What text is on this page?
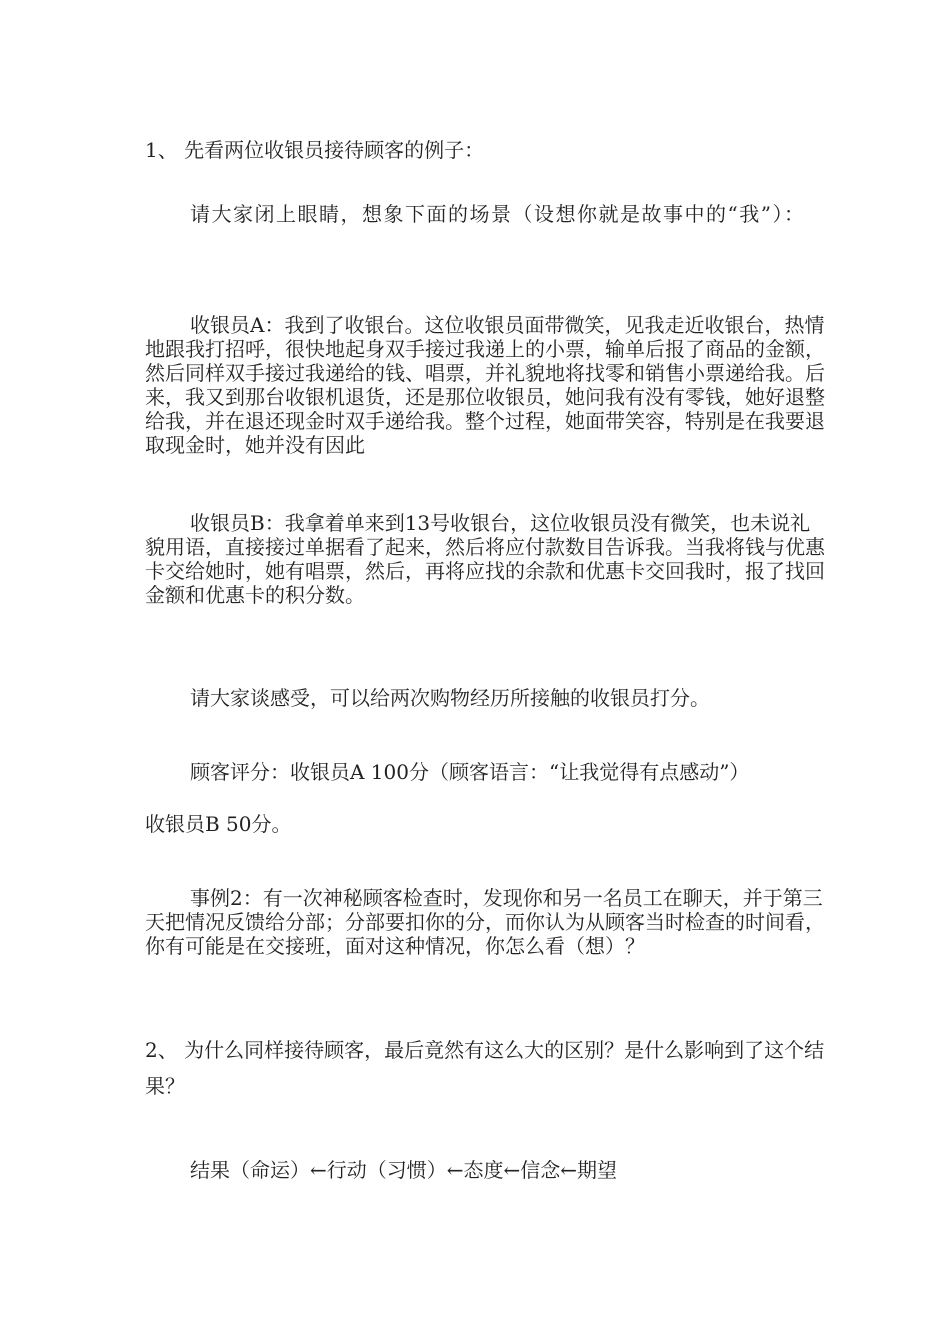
1、 先看两位收银员接待顾客的例子：

请大家闭上眼睛，想象下面的场景（设想你就是故事中的“我”）：

收银员A：我到了收银台。这位收银员面带微笑，见我走近收银台，热情地跟我打招呼，很快地起身双手接过我递上的小票，输单后报了商品的金额，然后同样双手接过我递给的钱、唱票，并礼貌地将找零和销售小票递给我。后来，我又到那台收银机退货，还是那位收银员，她问我有没有零钱，她好退整给我，并在退还现金时双手递给我。整个过程，她面带笑容，特别是在我要退取现金时，她并没有因此

收银员B：我拿着单来到13号收银台，这位收银员没有微笑，也未说礼貌用语，直接接过单据看了起来，然后将应付款数目告诉我。当我将钱与优惠卡交给她时，她有唱票，然后，再将应找的余款和优惠卡交回我时，报了找回金额和优惠卡的积分数。

请大家谈感受，可以给两次购物经历所接触的收银员打分。

顾客评分：收银员A 100分（顾客语言：“让我觉得有点感动”）

收银员B 50分。

事例2：有一次神秘顾客检查时，发现你和另一名员工在聊天，并于第三天把情况反馈给分部；分部要扣你的分，而你认为从顾客当时检查的时间看，你有可能是在交接班，面对这种情况，你怎么看（想）？

2、 为什么同样接待顾客，最后竟然有这么大的区别？是什么影响到了这个结果？

结果（命运）←行动（习惯）←态度←信念←期望
